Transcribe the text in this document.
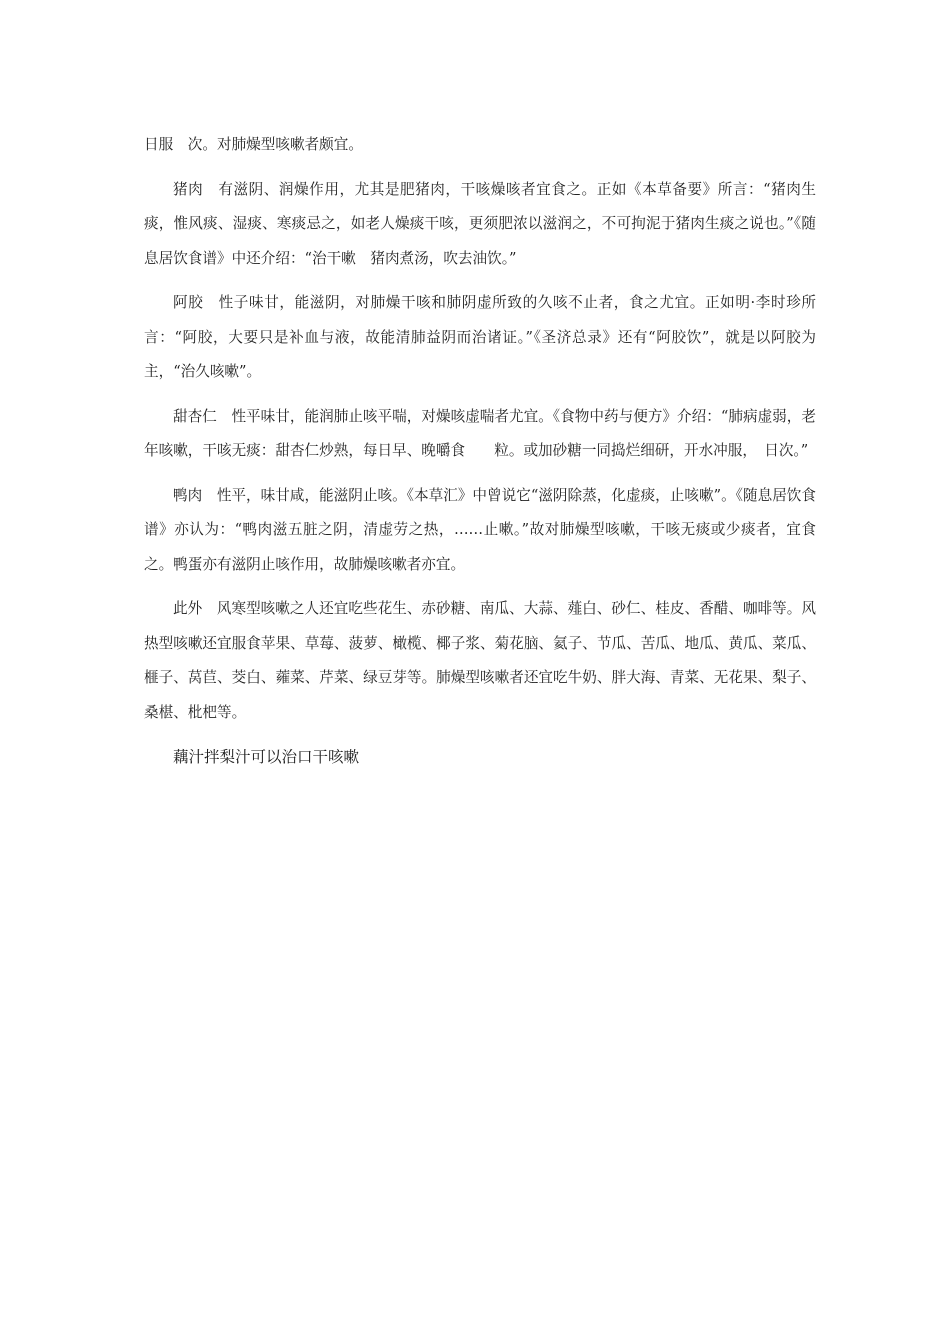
日服　次。对肺燥型咳嗽者颇宜。

猪肉　有滋阴、润燥作用，尤其是肥猪肉，干咳燥咳者宜食之。正如《本草备要》所言：“猪肉生痰，惟风痰、湿痰、寒痰忌之，如老人燥痰干咳，更须肥浓以滋润之，不可拘泥于猪肉生痰之说也。”《随息居饮食谱》中还介绍：“治干嗽　猪肉煮汤，吹去油饮。”

阿胶　性子味甘，能滋阴，对肺燥干咳和肺阴虚所致的久咳不止者，食之尤宜。正如明·李时珍所言：“阿胶，大要只是补血与液，故能清肺益阴而治诸证。”《圣济总录》还有“阿胶饮”，就是以阿胶为主，“治久咳嗽”。

甜杏仁　性平味甘，能润肺止咳平喘，对燥咳虚喘者尤宜。《食物中药与便方》介绍：“肺病虚弱，老年咳嗽，干咳无痰：甜杏仁炒熟，每日早、晚嚼食　　粒。或加砂糖一同捣烂细研，开水冲服，　日次。”

鸭肉　性平，味甘咸，能滋阴止咳。《本草汇》中曾说它“滋阴除蒸，化虚痰，止咳嗽”。《随息居饮食谱》亦认为：“鸭肉滋五脏之阴，清虚劳之热，……止嗽。”故对肺燥型咳嗽，干咳无痰或少痰者，宜食之。鸭蛋亦有滋阴止咳作用，故肺燥咳嗽者亦宜。

此外　风寒型咳嗽之人还宜吃些花生、赤砂糖、南瓜、大蒜、薤白、砂仁、桂皮、香醋、咖啡等。风热型咳嗽还宜服食苹果、草莓、菠萝、橄榄、椰子浆、菊花脑、氦子、节瓜、苦瓜、地瓜、黄瓜、菜瓜、榧子、莴苣、茭白、蕹菜、芹菜、绿豆芽等。肺燥型咳嗽者还宜吃牛奶、胖大海、青菜、无花果、梨子、桑椹、枇杷等。

藕汁拌梨汁可以治口干咳嗽
